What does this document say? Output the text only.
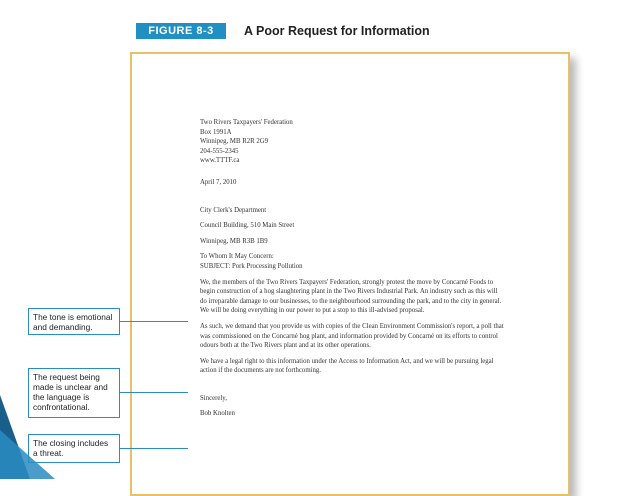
FIGURE 8-3	A Poor Request for Information

Two Rivers Taxpayers' Federation

Box 1991A

Winnipeg, MB R2R 2G9

204-555-2345

www.TTTF.ca

April 7, 2010

City Clerk's Department

Council Building, 510 Main Street

Winnipeg, MB R3B 1B9

To Whom It May Concern:

SUBJECT: Pork Processing Pollution

We, the members of the Two Rivers Taxpayers' Federation, strongly protest the move by Concarné Foods to begin construction of a hog slaughtering plant in the Two Rivers Industrial Park. An industry such as this will do irreparable damage to our businesses, to the neighbourhood surrounding the park, and to the city in general. We will be doing everything in our power to put a stop to this ill-advised proposal.

As such, we demand that you provide us with copies of the Clean Environment Commission's report, a poll that was commissioned on the Concarné hog plant, and information provided by Concarné on its efforts to control odours both at the Two Rivers plant and at its other operations.

We have a legal right to this information under the Access to Information Act, and we will be pursuing legal action if the documents are not forthcoming.

Sincerely,

Bob Knolten

The tone is emotional and demanding.
The request being made is unclear and the language is confrontational.
The closing includes a threat.
